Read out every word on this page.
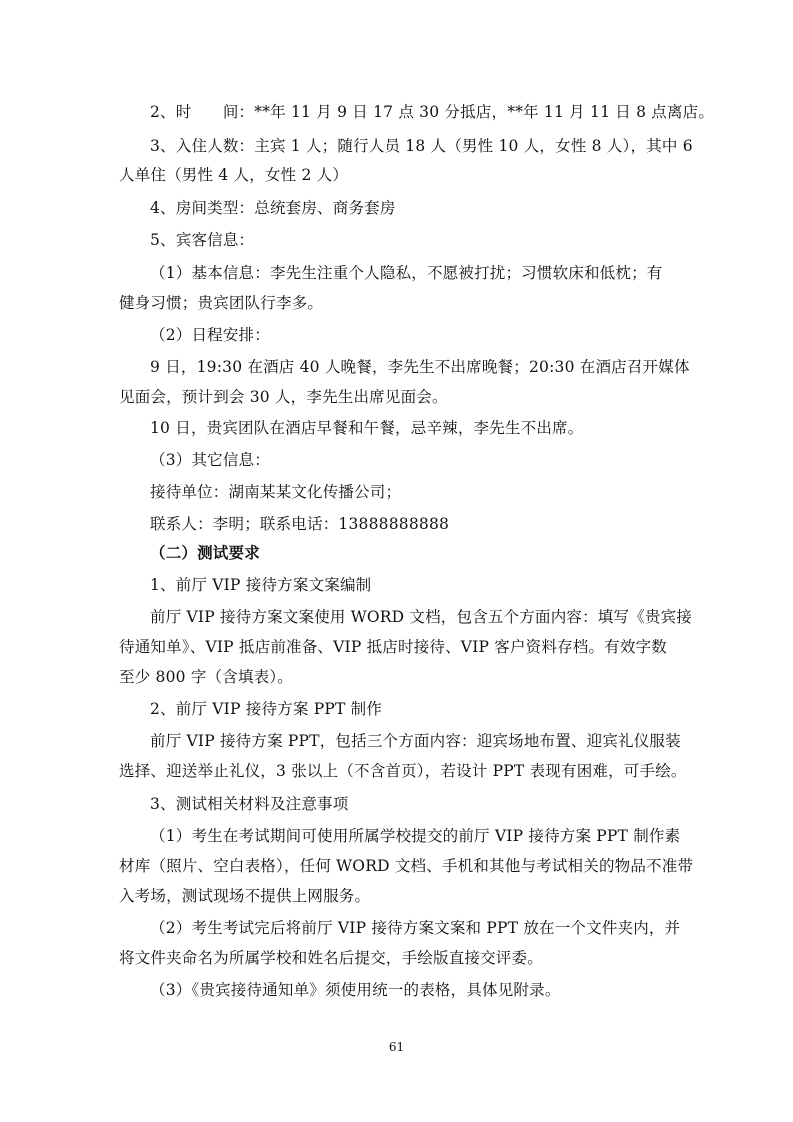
2、时　　间：**年 11 月 9 日 17 点 30 分抵店，**年 11 月 11 日 8 点离店。
3、入住人数：主宾 1 人；随行人员 18 人（男性 10 人，女性 8 人），其中 6
人单住（男性 4 人，女性 2 人）
4、房间类型：总统套房、商务套房
5、宾客信息：
（1）基本信息：李先生注重个人隐私，不愿被打扰；习惯软床和低枕；有
健身习惯；贵宾团队行李多。
（2）日程安排：
9 日，19:30 在酒店 40 人晚餐，李先生不出席晚餐；20:30 在酒店召开媒体
见面会，预计到会 30 人，李先生出席见面会。
10 日，贵宾团队在酒店早餐和午餐，忌辛辣，李先生不出席。
（3）其它信息：
接待单位：湖南某某文化传播公司；
联系人：李明；联系电话：13888888888
（二）测试要求
1、前厅 VIP 接待方案文案编制
前厅 VIP 接待方案文案使用 WORD 文档，包含五个方面内容：填写《贵宾接
待通知单》、VIP 抵店前准备、VIP 抵店时接待、VIP 客户资料存档。有效字数
至少 800 字（含填表）。
2、前厅 VIP 接待方案 PPT 制作
前厅 VIP 接待方案 PPT，包括三个方面内容：迎宾场地布置、迎宾礼仪服装
选择、迎送举止礼仪，3 张以上（不含首页），若设计 PPT 表现有困难，可手绘。
3、测试相关材料及注意事项
（1）考生在考试期间可使用所属学校提交的前厅 VIP 接待方案 PPT 制作素
材库（照片、空白表格），任何 WORD 文档、手机和其他与考试相关的物品不准带
入考场，测试现场不提供上网服务。
（2）考生考试完后将前厅 VIP 接待方案文案和 PPT 放在一个文件夹内，并
将文件夹命名为所属学校和姓名后提交，手绘版直接交评委。
（3）《贵宾接待通知单》须使用统一的表格，具体见附录。
61
